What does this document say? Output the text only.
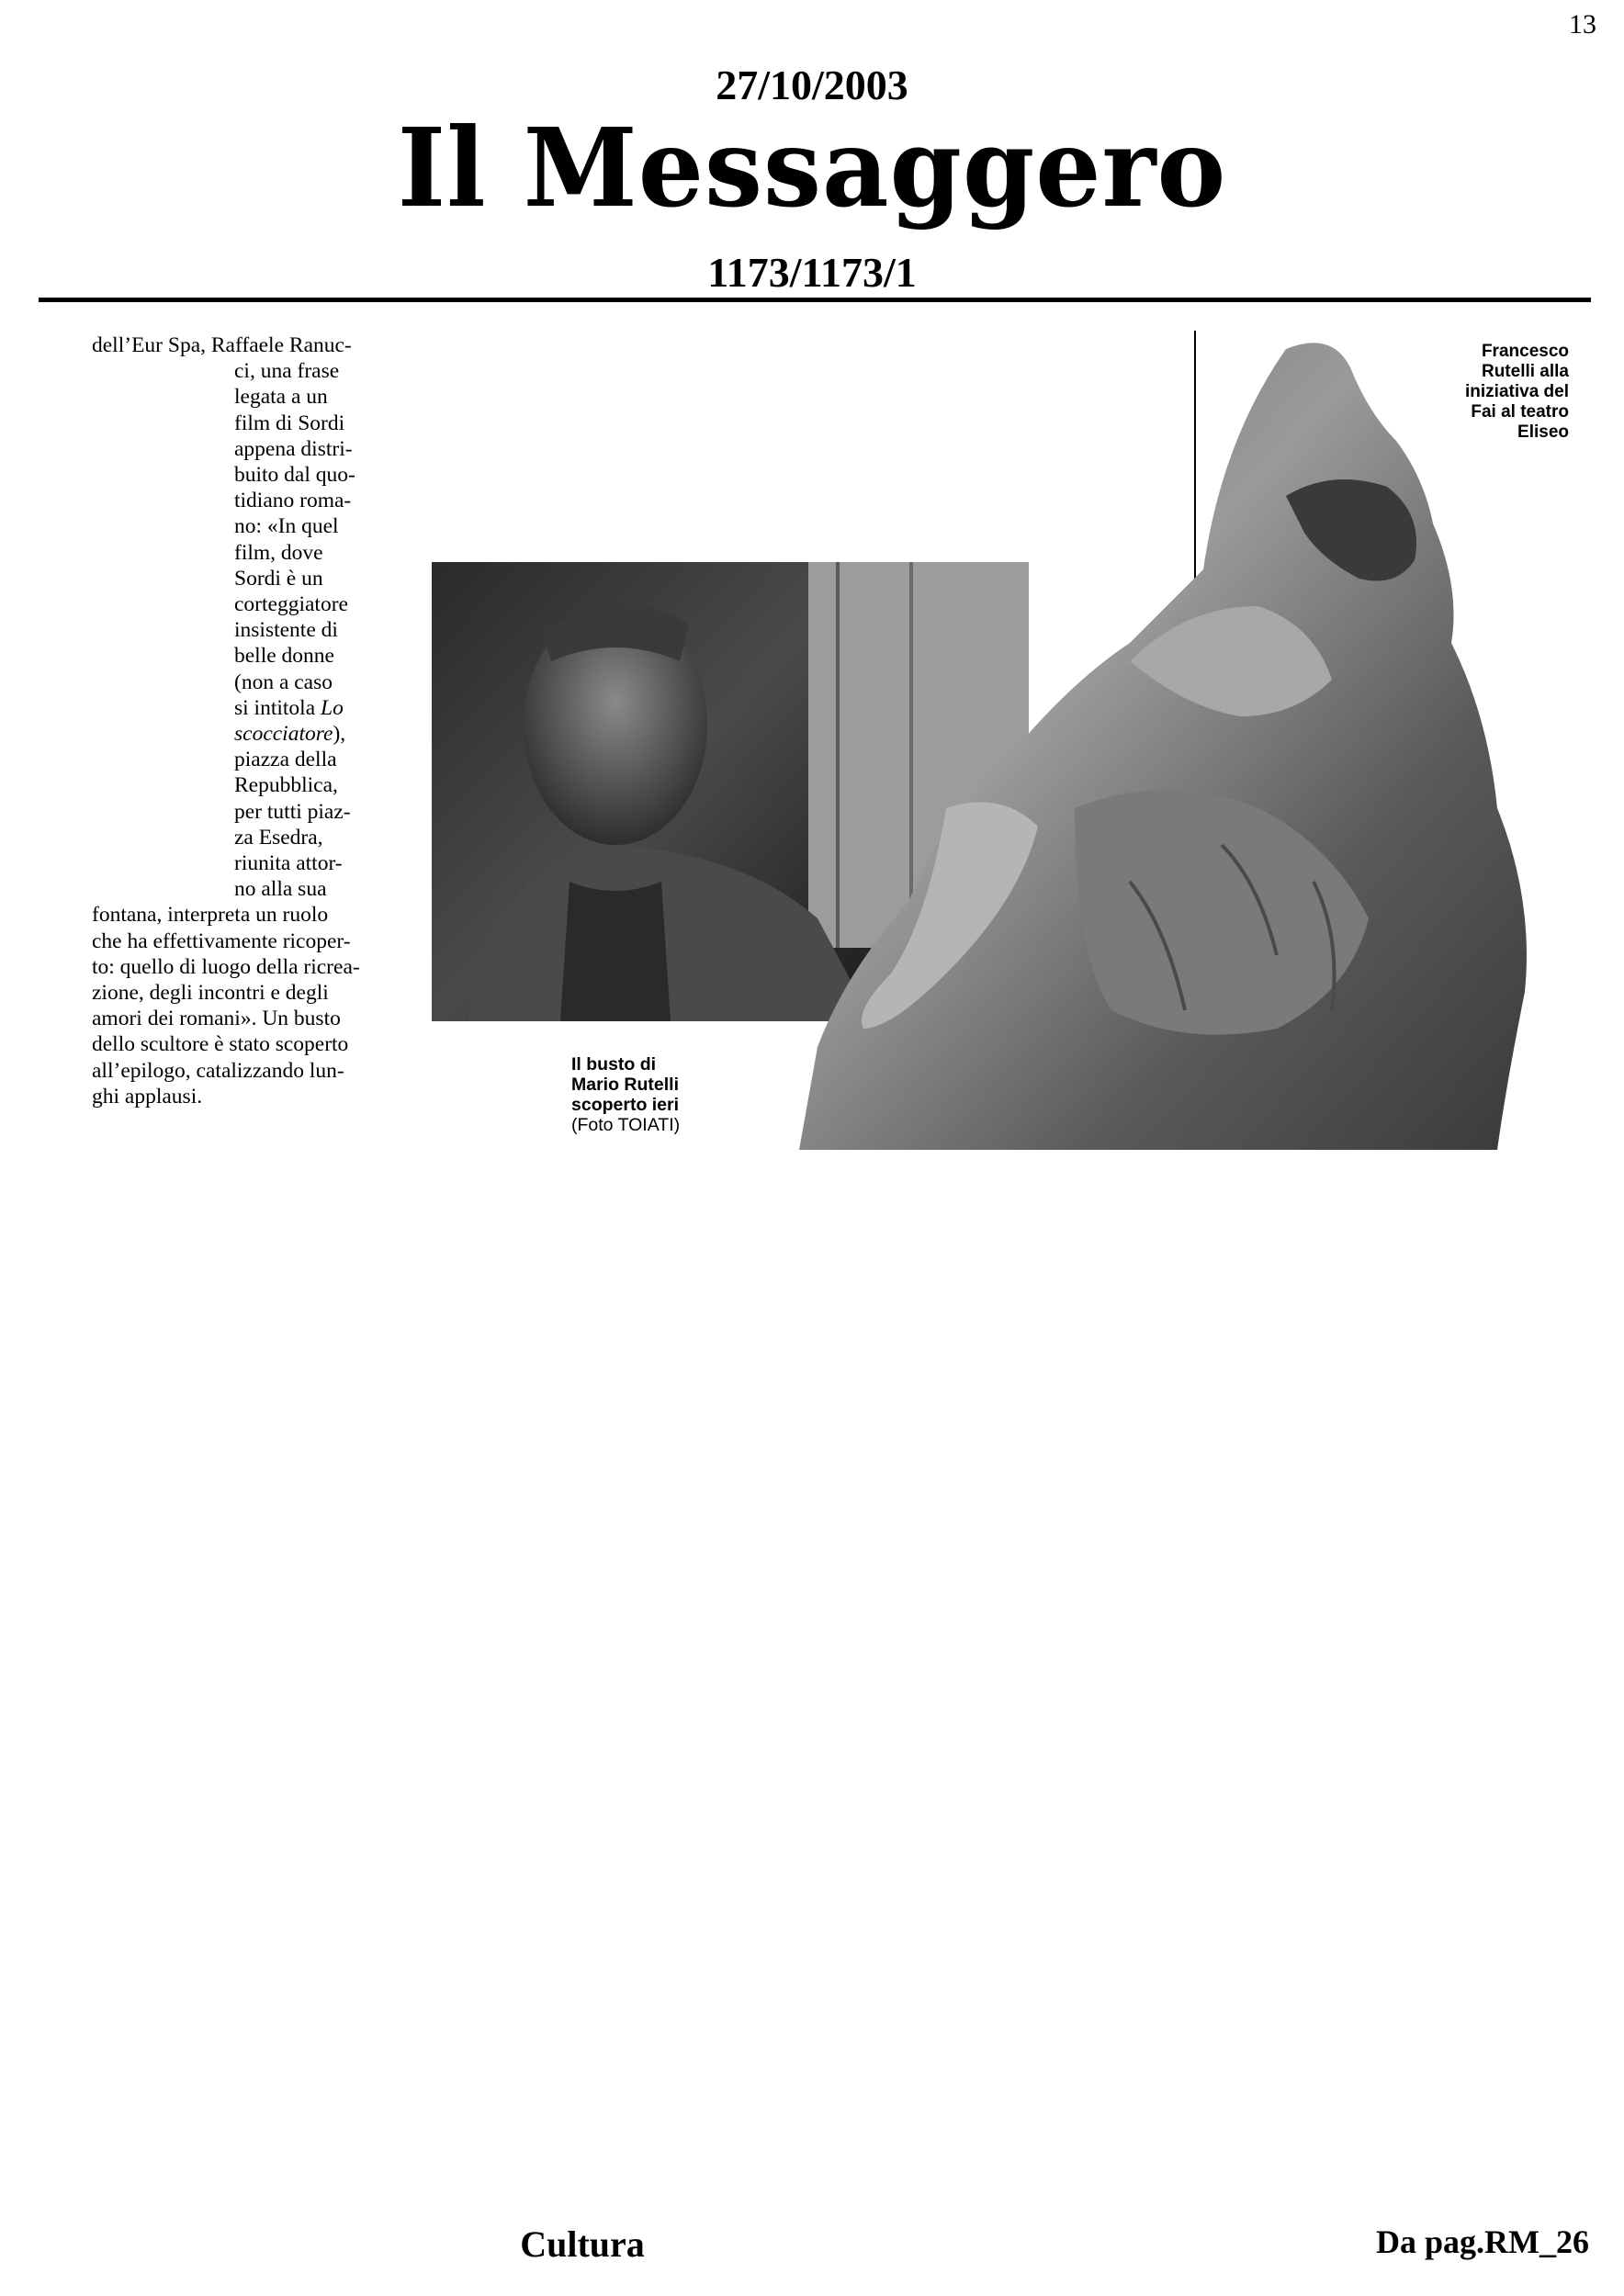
13
27/10/2003
Il Messaggero
1173/1173/1
dell’Eur Spa, Raffaele Ranuc-
ci, una frase
legata a un
film di Sordi
appena distri-
buito dal quo-
tidiano roma-
no: «In quel
film, dove
Sordi è un
corteggiatore
insistente di
belle donne
(non a caso
si intitola Lo
scocciatore),
piazza della
Repubblica,
per tutti piaz-
za Esedra,
riunita attor-
no alla sua
fontana, interpreta un ruolo
che ha effettivamente ricoper-
to: quello di luogo della ricrea-
zione, degli incontri e degli
amori dei romani». Un busto
dello scultore è stato scoperto
all’epilogo, catalizzando lun-
ghi applausi.
Francesco
Rutelli alla
iniziativa del
Fai al teatro
Eliseo
Il busto di
Mario Rutelli
scoperto ieri
(Foto TOIATI)
Cultura	Da pag.RM_26
